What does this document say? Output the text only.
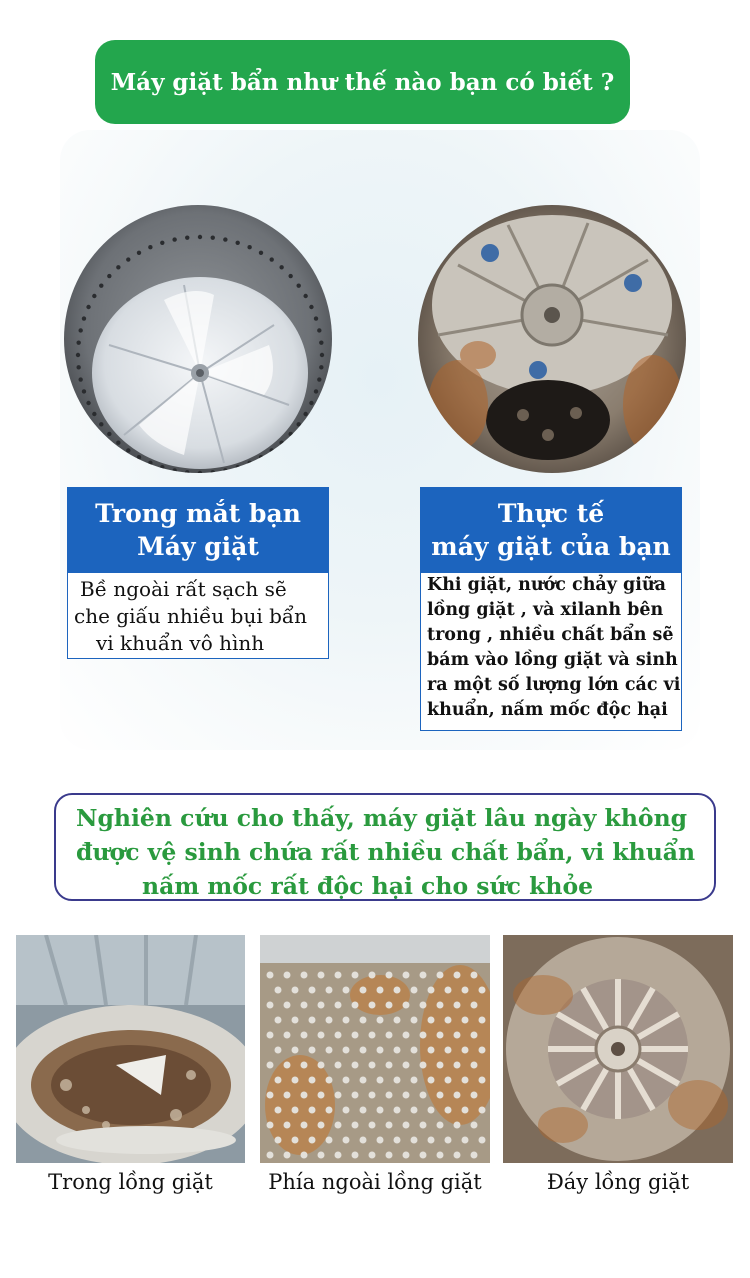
Máy giặt bẩn như thế nào bạn có biết ?
Trong mắt bạn
Máy giặt
Bề ngoài rất sạch sẽ
che giấu nhiều bụi bẩn
vi khuẩn vô hình
Thực tế
máy giặt của bạn
Khi giặt, nước chảy giữa
lồng giặt , và xilanh bên
trong , nhiều chất bẩn sẽ
bám vào lồng giặt và sinh
ra một số lượng lớn các vi
khuẩn, nấm mốc độc hại
Nghiên cứu cho thấy, máy giặt lâu ngày không
được vệ sinh chứa rất nhiều chất bẩn, vi khuẩn
nấm mốc rất độc hại cho sức khỏe
Trong lồng giặt	Phía ngoài lồng giặt	Đáy lồng giặt
